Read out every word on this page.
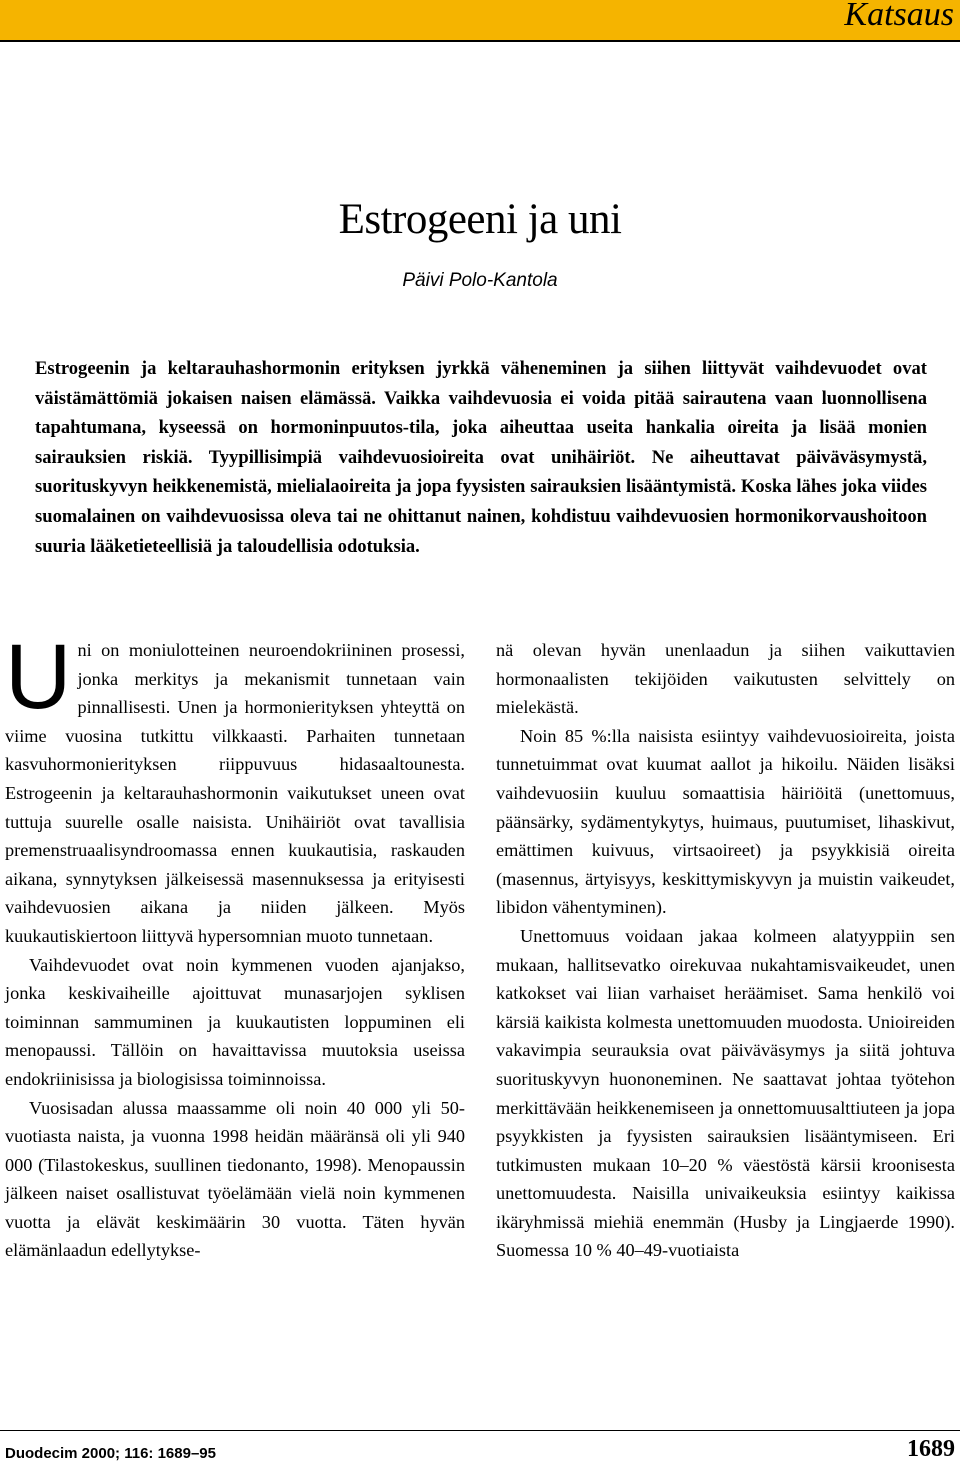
Katsaus
Estrogeeni ja uni
Päivi Polo-Kantola
Estrogeenin ja keltarauhashormonin erityksen jyrkkä väheneminen ja siihen liittyvät vaihdevuodet ovat väistämättömiä jokaisen naisen elämässä. Vaikka vaihdevuosia ei voida pitää sairautena vaan luonnollisena tapahtumana, kyseessä on hormoninpuutos-tila, joka aiheuttaa useita hankalia oireita ja lisää monien sairauksien riskiä. Tyypillisimpiä vaihdevuosioireita ovat unihäiriöt. Ne aiheuttavat päiväväsymystä, suorituskyvyn heikkenemistä, mielialaoireita ja jopa fyysisten sairauksien lisääntymistä. Koska lähes joka viides suomalainen on vaihdevuosissa oleva tai ne ohittanut nainen, kohdistuu vaihdevuosien hormonikorvaushoitoon suuria lääketieteellisiä ja taloudellisia odotuksia.

Uni on moniulotteinen neuroendokriininen prosessi, jonka merkitys ja mekanismit tunnetaan vain pinnallisesti. Unen ja hormonierityksen yhteyttä on viime vuosina tutkittu vilkkaasti. Parhaiten tunnetaan kasvuhormonierityksen riippuvuus hidasaaltounesta. Estrogeenin ja keltarauhashormonin vaikutukset uneen ovat tuttuja suurelle osalle naisista. Unihäiriöt ovat tavallisia premenstruaalisyndroomassa ennen kuukautisia, raskauden aikana, synnytyksen jälkeisessä masennuksessa ja erityisesti vaihdevuosien aikana ja niiden jälkeen. Myös kuukautiskiertoon liittyvä hypersomnian muoto tunnetaan.

Vaihdevuodet ovat noin kymmenen vuoden ajanjakso, jonka keskivaiheille ajoittuvat munasarjojen syklisen toiminnan sammuminen ja kuukautisten loppuminen eli menopaussi. Tällöin on havaittavissa muutoksia useissa endokriinisissa ja biologisissa toiminnoissa.

Vuosisadan alussa maassamme oli noin 40 000 yli 50-vuotiasta naista, ja vuonna 1998 heidän määränsä oli yli 940 000 (Tilastokeskus, suullinen tiedonanto, 1998). Menopaussin jälkeen naiset osallistuvat työelämään vielä noin kymmenen vuotta ja elävät keskimäärin 30 vuotta. Täten hyvän elämänlaadun edellytykse-

nä olevan hyvän unenlaadun ja siihen vaikuttavien hormonaalisten tekijöiden vaikutusten selvittely on mielekästä.

Noin 85 %:lla naisista esiintyy vaihdevuosioireita, joista tunnetuimmat ovat kuumat aallot ja hikoilu. Näiden lisäksi vaihdevuosiin kuuluu somaattisia häiriöitä (unettomuus, päänsärky, sydämentykytys, huimaus, puutumiset, lihaskivut, emättimen kuivuus, virtsaoireet) ja psyykkisiä oireita (masennus, ärtyisyys, keskittymiskyvyn ja muistin vaikeudet, libidon vähentyminen).

Unettomuus voidaan jakaa kolmeen alatyyppiin sen mukaan, hallitsevatko oirekuvaa nukahtamisvaikeudet, unen katkokset vai liian varhaiset heräämiset. Sama henkilö voi kärsiä kaikista kolmesta unettomuuden muodosta. Unioireiden vakavimpia seurauksia ovat päiväväsymys ja siitä johtuva suorituskyvyn huononeminen. Ne saattavat johtaa työtehon merkittävään heikkenemiseen ja onnettomuusalttiuteen ja jopa psyykkisten ja fyysisten sairauksien lisääntymiseen. Eri tutkimusten mukaan 10–20 % väestöstä kärsii kroonisesta unettomuudesta. Naisilla univaikeuksia esiintyy kaikissa ikäryhmissä miehiä enemmän (Husby ja Lingjaerde 1990). Suomessa 10 % 40–49-vuotiaista

Duodecim 2000; 116: 1689–95	1689
